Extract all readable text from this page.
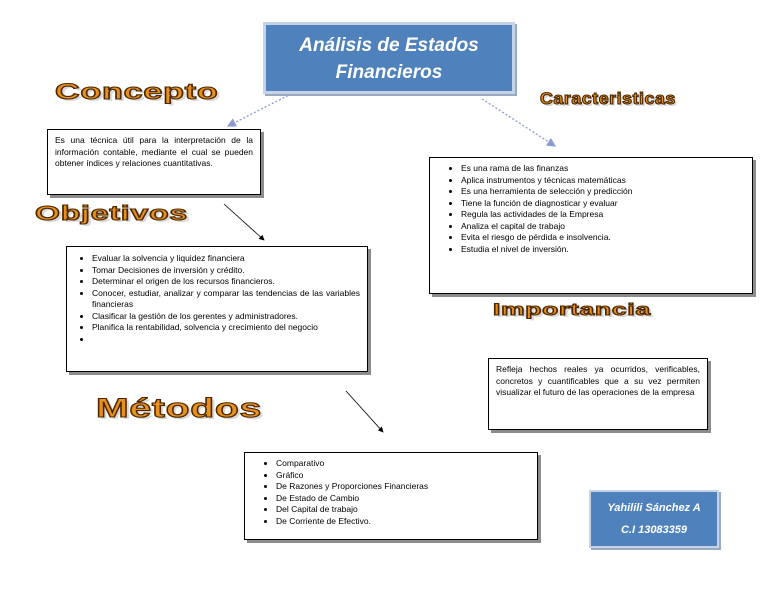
Análisis de Estados
Financieros
Concepto	Caracteristicas
Objetivos
Importancia
Métodos
Es una técnica útil para la interpretación de la información contable, mediante el cual se pueden obtener índices y relaciones cuantitativas.
•	Es una rama de las finanzas
• Aplica instrumentos y técnicas matemáticas
• Es una herramienta de selección y predicción
• Tiene la función de diagnosticar y evaluar
• Regula las actividades de la Empresa
• Analiza el capital de trabajo
• Evita el riesgo de pérdida e insolvencia.
• Estudia el nivel de inversión.
• Evaluar la solvencia y liquidez financiera
• Tomar Decisiones de inversión y crédito.
• Determinar el origen de los recursos financieros.
• Conocer, estudiar, analizar y comparar las tendencias de las variables financieras
• Clasificar la gestión de los gerentes y administradores.
• Planifica la rentabilidad, solvencia y crecimiento del negocio
•
Refleja hechos reales ya ocurridos, verificables, concretos y cuantificables que a su vez permiten visualizar el futuro de las operaciones de la empresa
• Comparativo
• Gráfico
• De Razones y Proporciones Financieras
• De Estado de Cambio
• Del Capital de trabajo
• De Corriente de Efectivo.
Yahilili Sánchez A
C.I 13083359
